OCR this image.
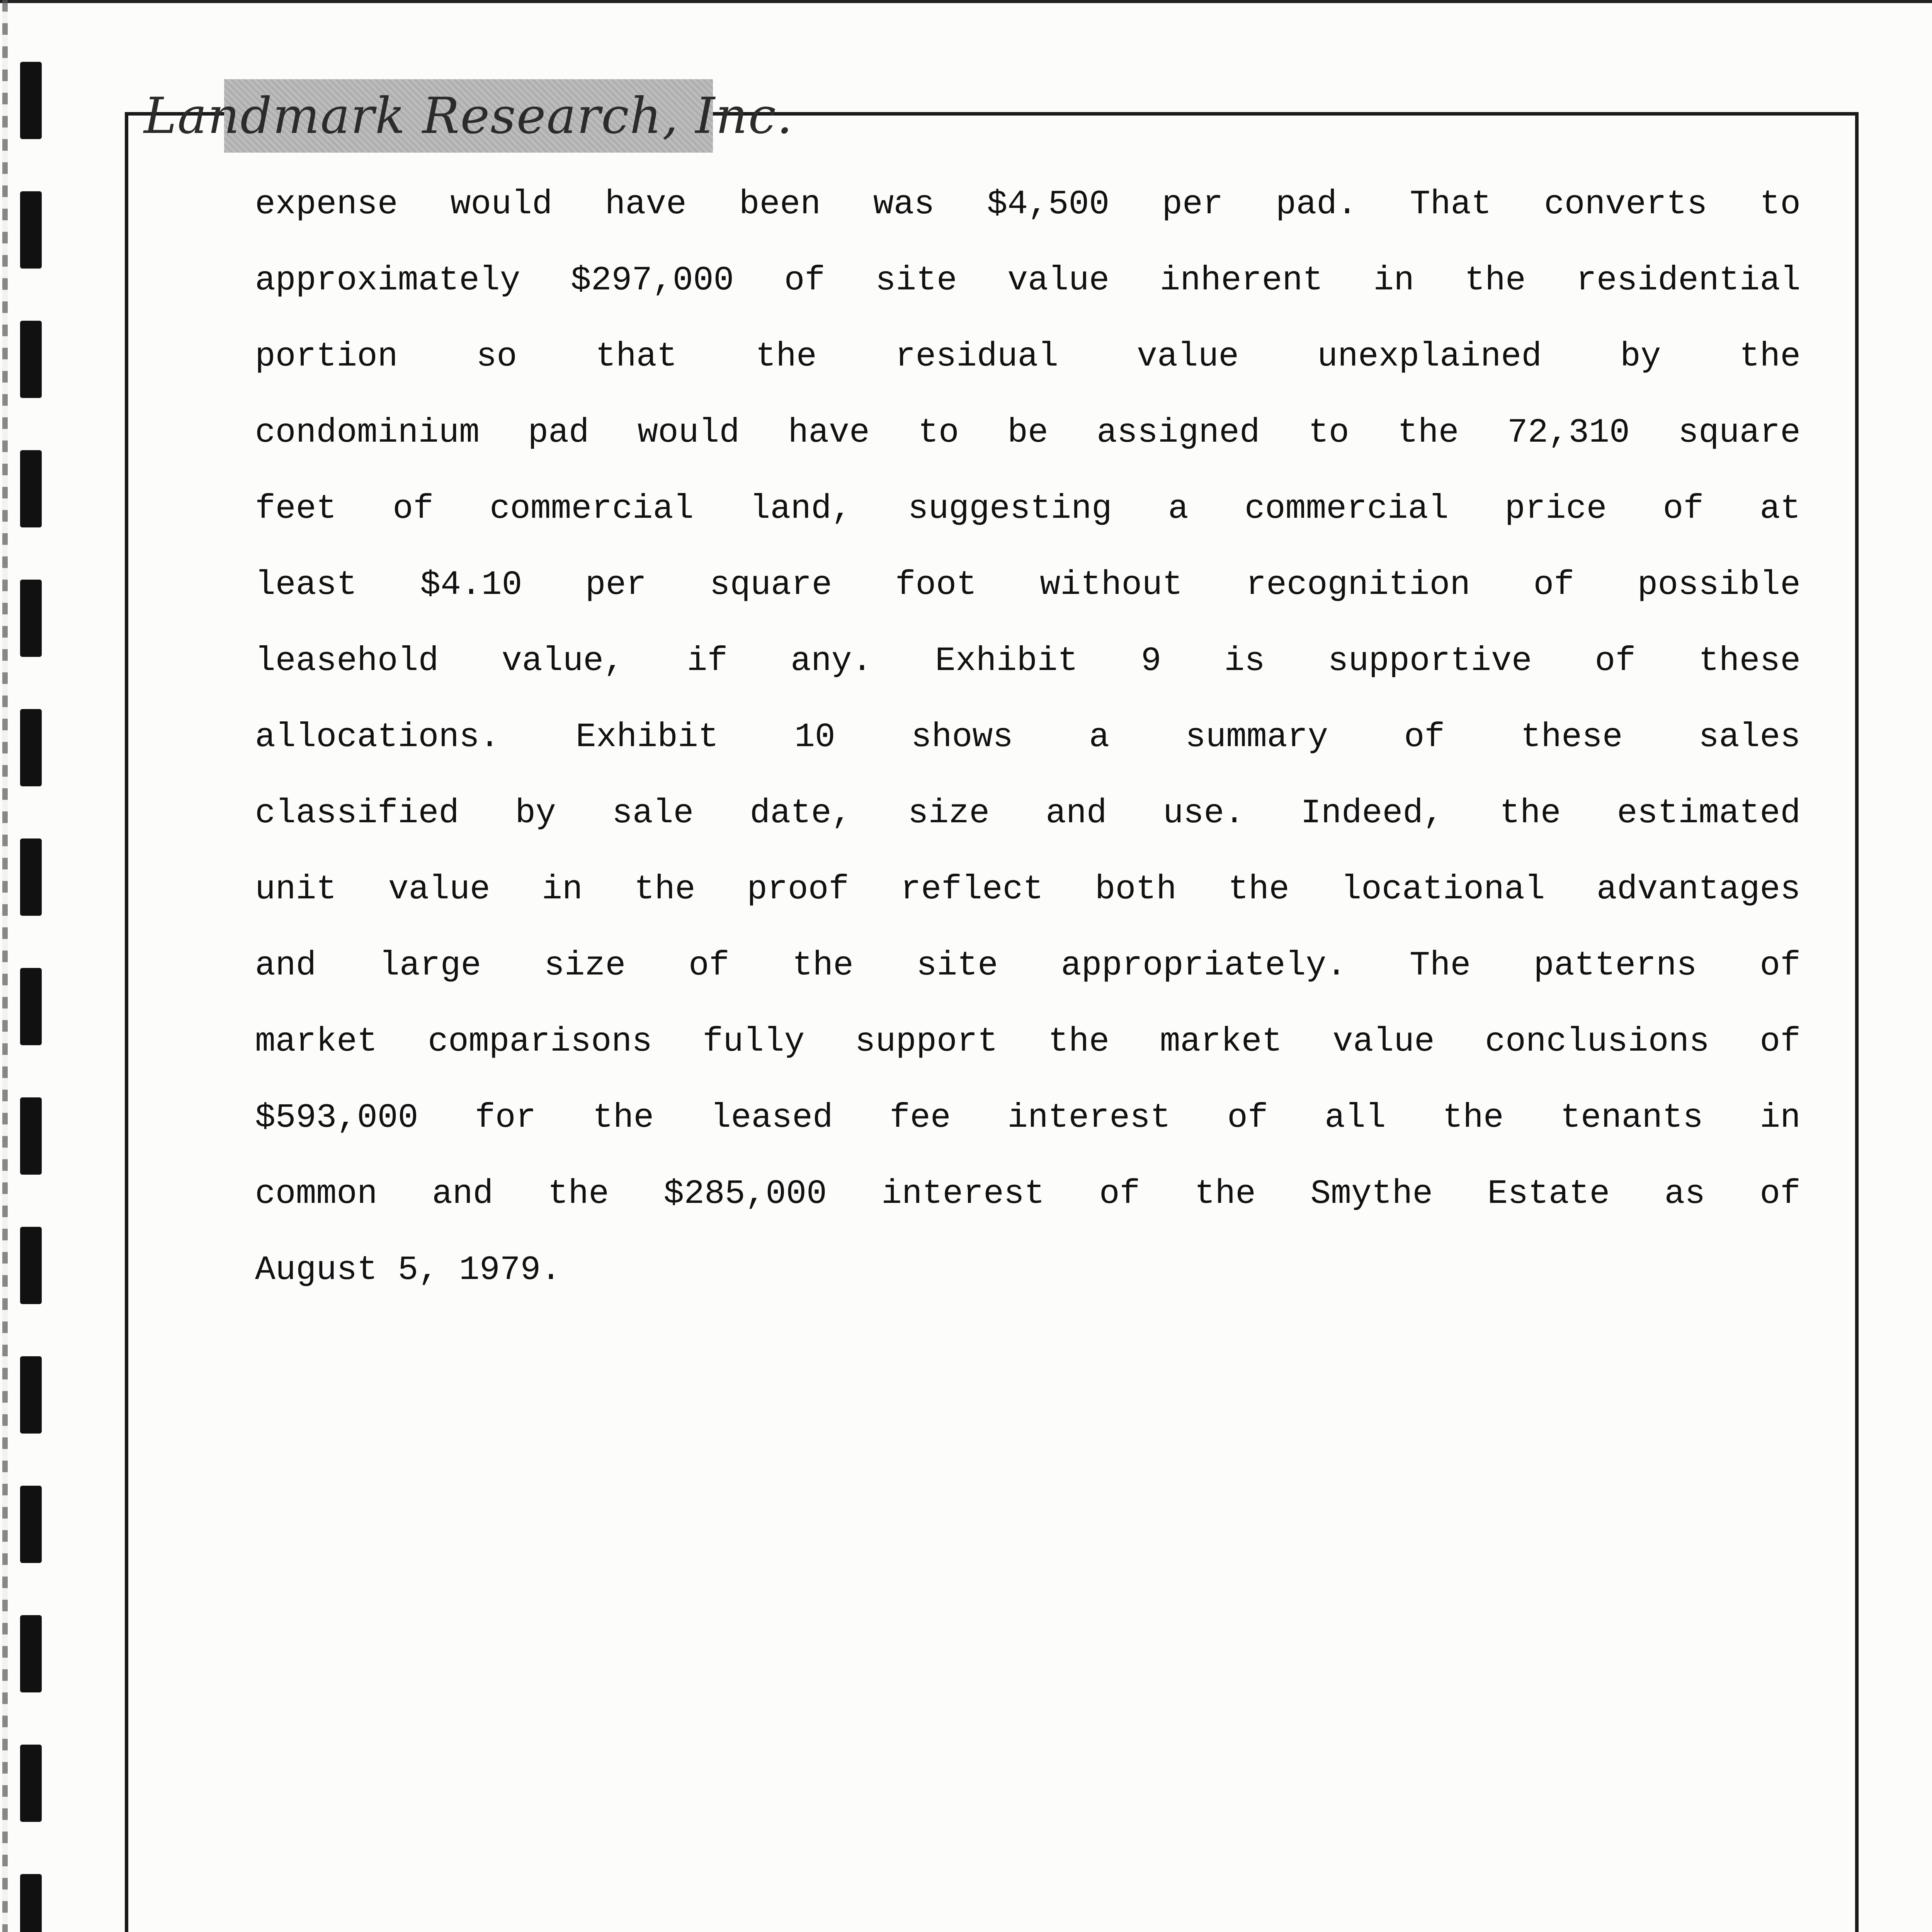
Landmark Research, Inc.
expense would have been was $4,500 per pad. That converts to
approximately $297,000 of site value inherent in the residential
portion so that the residual value unexplained by the
condominium pad would have to be assigned to the 72,310 square
feet of commercial land, suggesting a commercial price of at
least $4.10 per square foot without recognition of possible
leasehold value, if any. Exhibit 9 is supportive of these
allocations. Exhibit 10 shows a summary of these sales
classified by sale date, size and use. Indeed, the estimated
unit value in the proof reflect both the locational advantages
and large size of the site appropriately. The patterns of
market comparisons fully support the market value conclusions of
$593,000 for the leased fee interest of all the tenants in
common and the $285,000 interest of the Smythe Estate as of
August 5, 1979.
